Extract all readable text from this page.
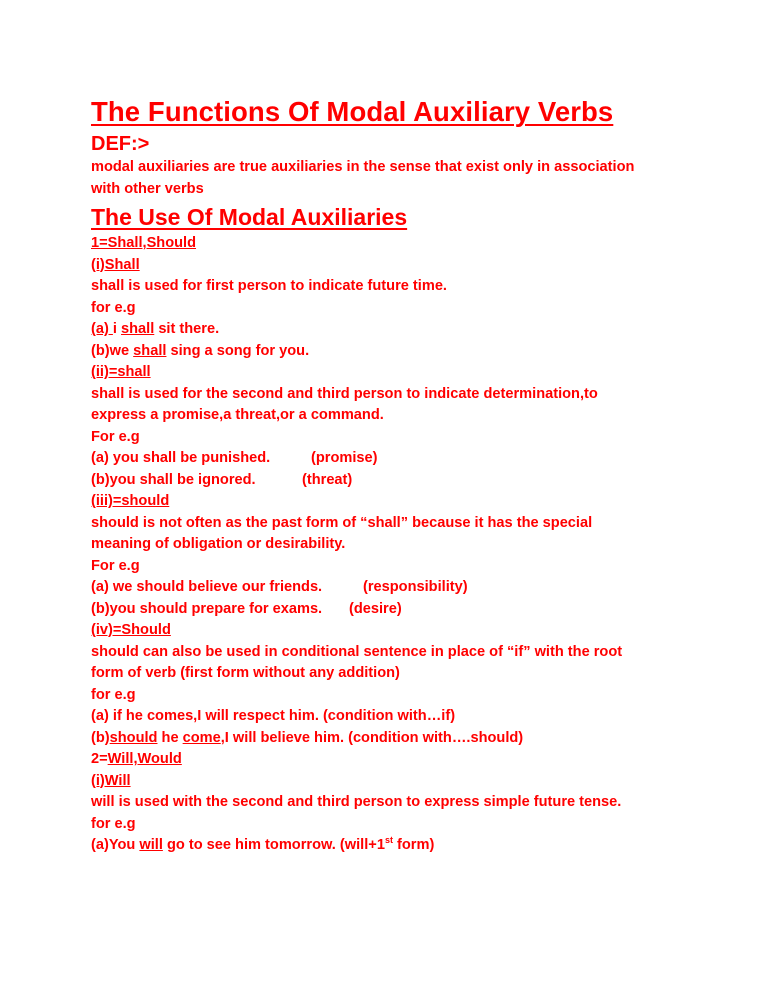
The Functions Of Modal Auxiliary Verbs
DEF:>
modal auxiliaries are true auxiliaries in the sense that exist only in association
with other verbs
The Use Of Modal Auxiliaries
1=Shall,Should
(i)Shall
shall is used for first person to indicate future time.
for e.g
(a) i shall sit there.
(b)we shall sing a song for you.
(ii)=shall
shall is used for the second and third person to indicate determination,to
express a promise,a threat,or a command.
For e.g
(a) you shall be punished.	(promise)
(b)you shall be ignored.	(threat)
(iii)=should
should is not often as the past form of “shall” because it has the special
meaning of obligation or desirability.
For e.g
(a) we should believe our friends.	(responsibility)
(b)you should prepare for exams. (desire)
(iv)=Should
should can also be used in conditional sentence in place of “if” with the root
form of verb (first form without any addition)
for e.g
(a) if he comes,I will respect him. (condition with…if)
(b)should he come,I will believe him. (condition with….should)
2=Will,Would
(i)Will
will is used with the second and third person to express simple future tense.
for e.g
(a)You will go to see him tomorrow. (will+1st form)
